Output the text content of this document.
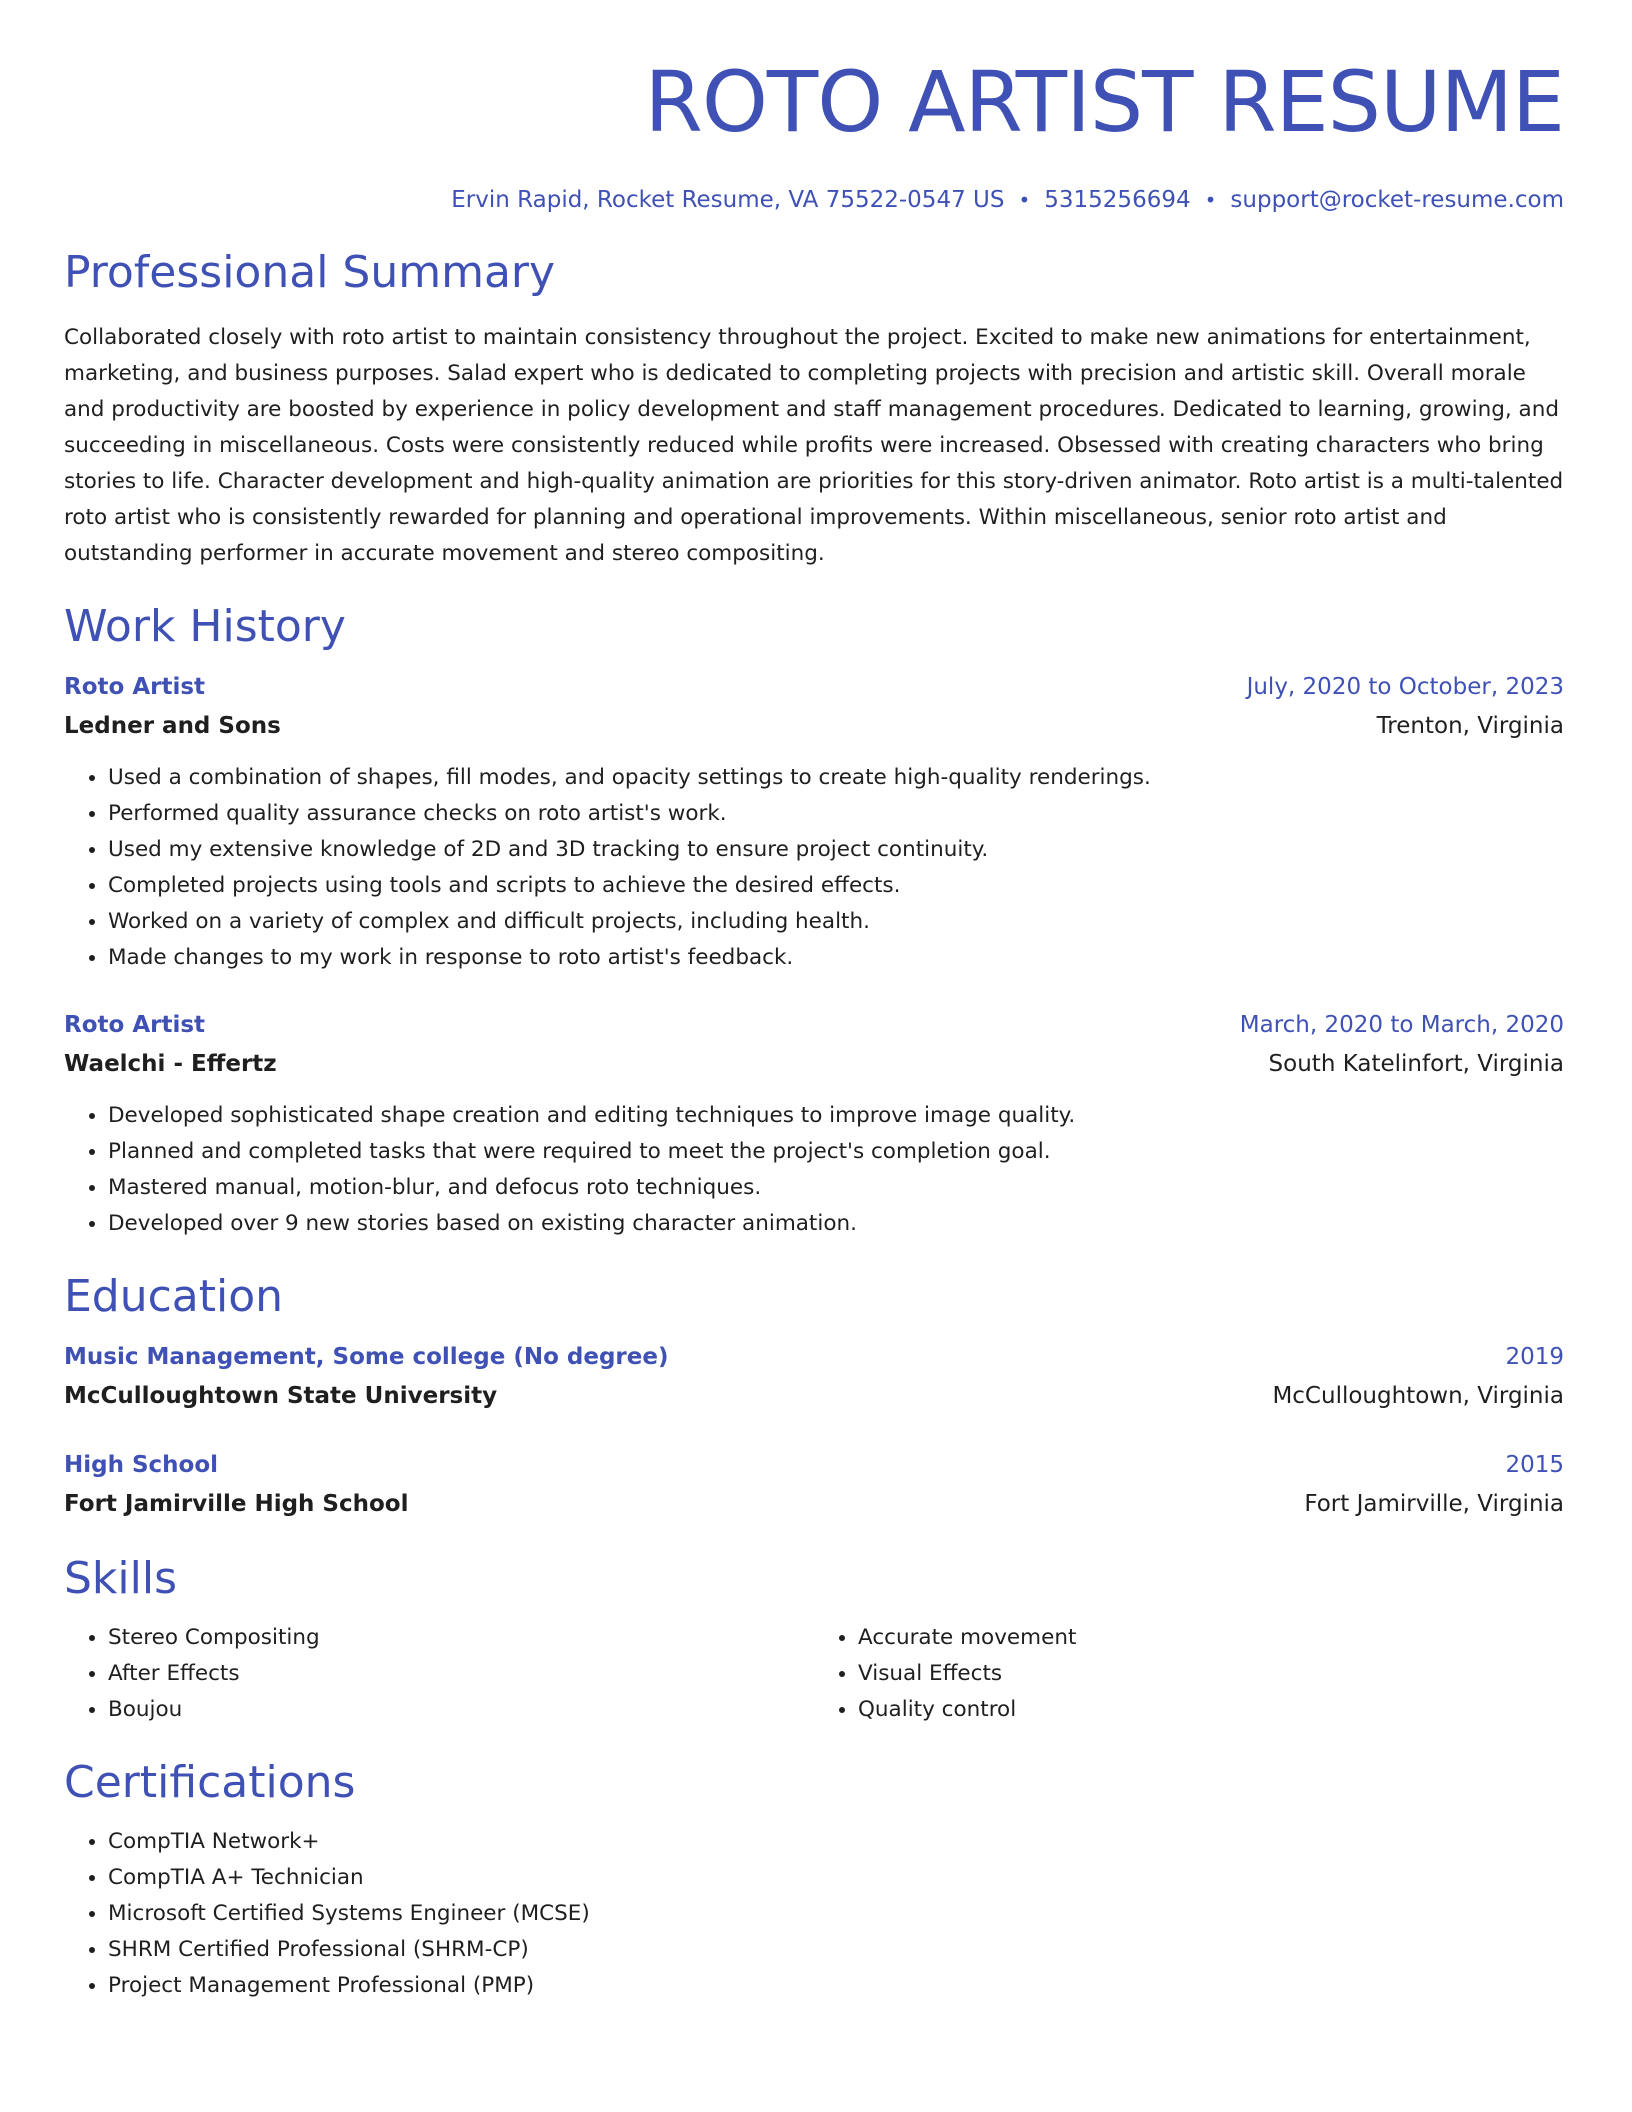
ROTO ARTIST RESUME
Ervin Rapid, Rocket Resume, VA 75522-0547 US • 5315256694 • support@rocket-resume.com
Professional Summary
Collaborated closely with roto artist to maintain consistency throughout the project. Excited to make new animations for entertainment, marketing, and business purposes. Salad expert who is dedicated to completing projects with precision and artistic skill. Overall morale and productivity are boosted by experience in policy development and staff management procedures. Dedicated to learning, growing, and succeeding in miscellaneous. Costs were consistently reduced while profits were increased. Obsessed with creating characters who bring stories to life. Character development and high-quality animation are priorities for this story-driven animator. Roto artist is a multi-talented roto artist who is consistently rewarded for planning and operational improvements. Within miscellaneous, senior roto artist and outstanding performer in accurate movement and stereo compositing.
Work History
Roto Artist	July, 2020 to October, 2023
Ledner and Sons	Trenton, Virginia
• Used a combination of shapes, fill modes, and opacity settings to create high-quality renderings.
• Performed quality assurance checks on roto artist's work.
• Used my extensive knowledge of 2D and 3D tracking to ensure project continuity.
• Completed projects using tools and scripts to achieve the desired effects.
• Worked on a variety of complex and difficult projects, including health.
• Made changes to my work in response to roto artist's feedback.
Roto Artist	March, 2020 to March, 2020
Waelchi - Effertz	South Katelinfort, Virginia
• Developed sophisticated shape creation and editing techniques to improve image quality.
• Planned and completed tasks that were required to meet the project's completion goal.
• Mastered manual, motion-blur, and defocus roto techniques.
• Developed over 9 new stories based on existing character animation.
Education
Music Management, Some college (No degree)	2019
McCulloughtown State University	McCulloughtown, Virginia
High School	2015
Fort Jamirville High School	Fort Jamirville, Virginia
Skills
• Stereo Compositing
• After Effects
• Boujou
• Accurate movement
• Visual Effects
• Quality control
Certifications
• CompTIA Network+
• CompTIA A+ Technician
• Microsoft Certified Systems Engineer (MCSE)
• SHRM Certified Professional (SHRM-CP)
• Project Management Professional (PMP)
